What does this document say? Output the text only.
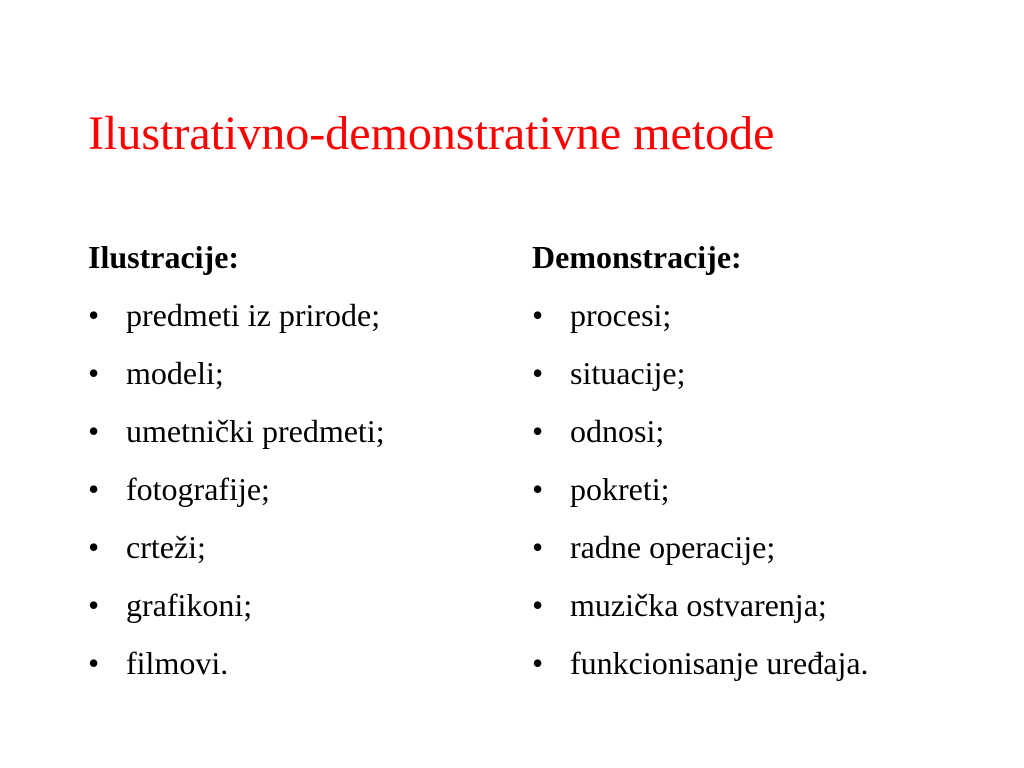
Ilustrativno-demonstrativne metode
Ilustracije:
• predmeti iz prirode;
• modeli;
• umetnički predmeti;
• fotografije;
• crteži;
• grafikoni;
• filmovi.
Demonstracije:
• procesi;
• situacije;
• odnosi;
• pokreti;
• radne operacije;
• muzička ostvarenja;
• funkcionisanje uređaja.
